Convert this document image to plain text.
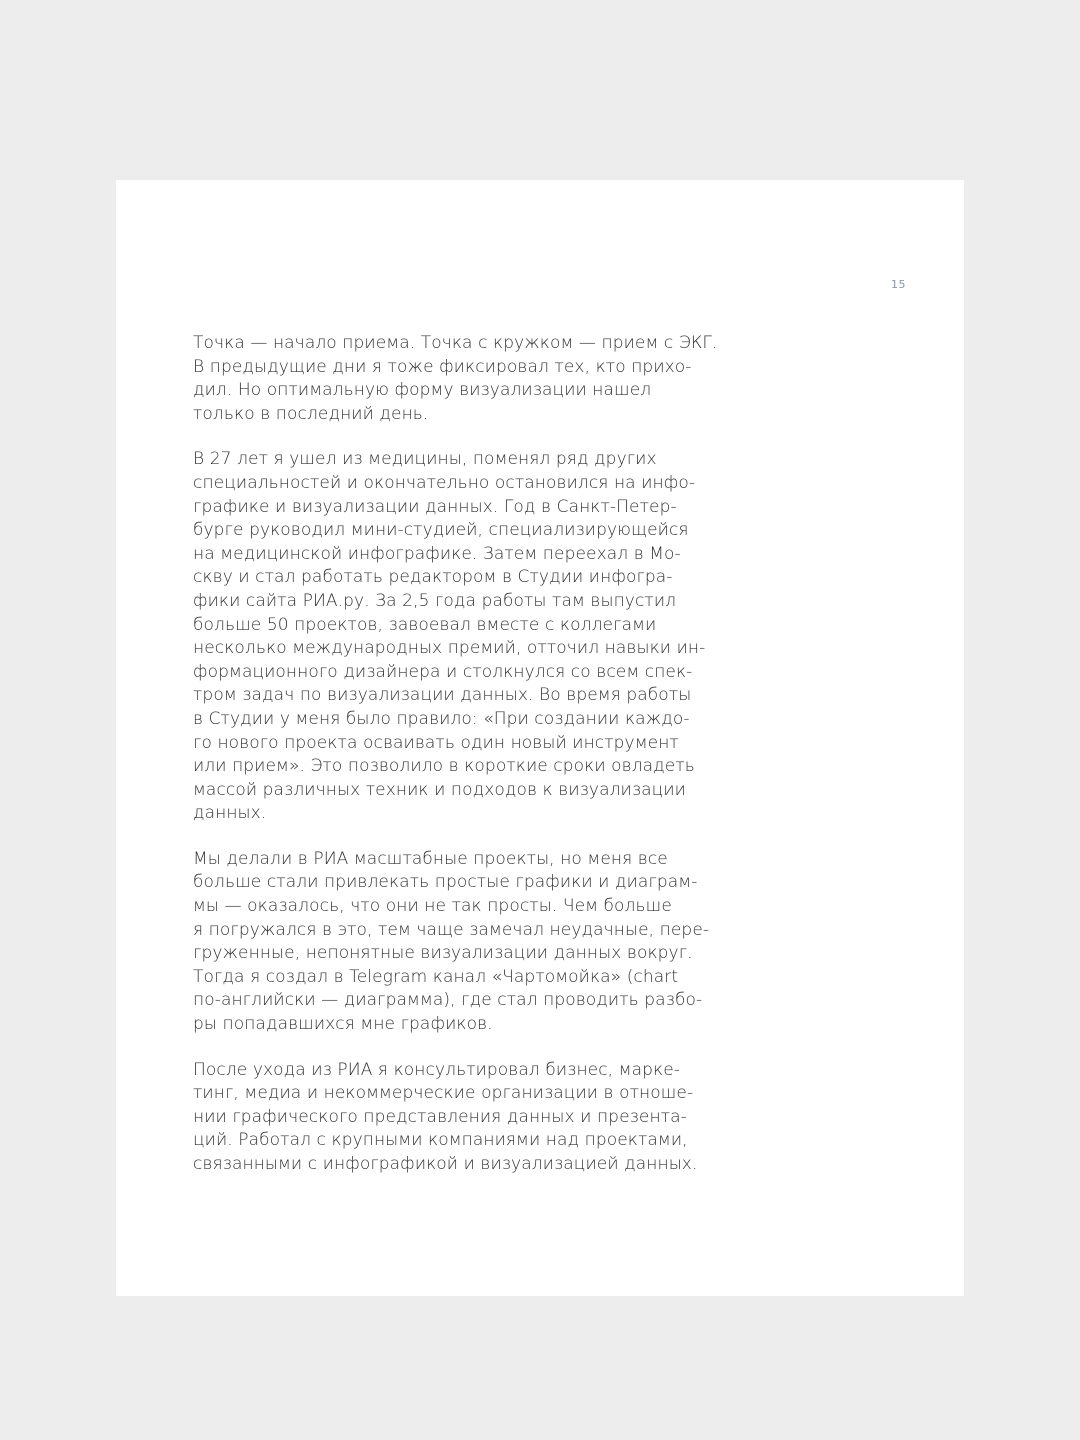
15

Точка — начало приема. Точка с кружком — прием с ЭКГ.
В предыдущие дни я тоже фиксировал тех, кто прихо-
дил. Но оптимальную форму визуализации нашел
только в последний день.

В 27 лет я ушел из медицины, поменял ряд других
специальностей и окончательно остановился на инфо-
графике и визуализации данных. Год в Санкт-Петер-
бурге руководил мини-студией, специализирующейся
на медицинской инфографике. Затем переехал в Мо-
скву и стал работать редактором в Студии инфогра-
фики сайта РИА.ру. За 2,5 года работы там выпустил
больше 50 проектов, завоевал вместе с коллегами
несколько международных премий, отточил навыки ин-
формационного дизайнера и столкнулся со всем спек-
тром задач по визуализации данных. Во время работы
в Студии у меня было правило: «При создании каждо-
го нового проекта осваивать один новый инструмент
или прием». Это позволило в короткие сроки овладеть
массой различных техник и подходов к визуализации
данных.

Мы делали в РИА масштабные проекты, но меня все
больше стали привлекать простые графики и диаграм-
мы — оказалось, что они не так просты. Чем больше
я погружался в это, тем чаще замечал неудачные, пере-
груженные, непонятные визуализации данных вокруг.
Тогда я создал в Telegram канал «Чартомойка» (chart
по-английски — диаграмма), где стал проводить разбо-
ры попадавшихся мне графиков.

После ухода из РИА я консультировал бизнес, марке-
тинг, медиа и некоммерческие организации в отноше-
нии графического представления данных и презента-
ций. Работал с крупными компаниями над проектами,
связанными с инфографикой и визуализацией данных.
